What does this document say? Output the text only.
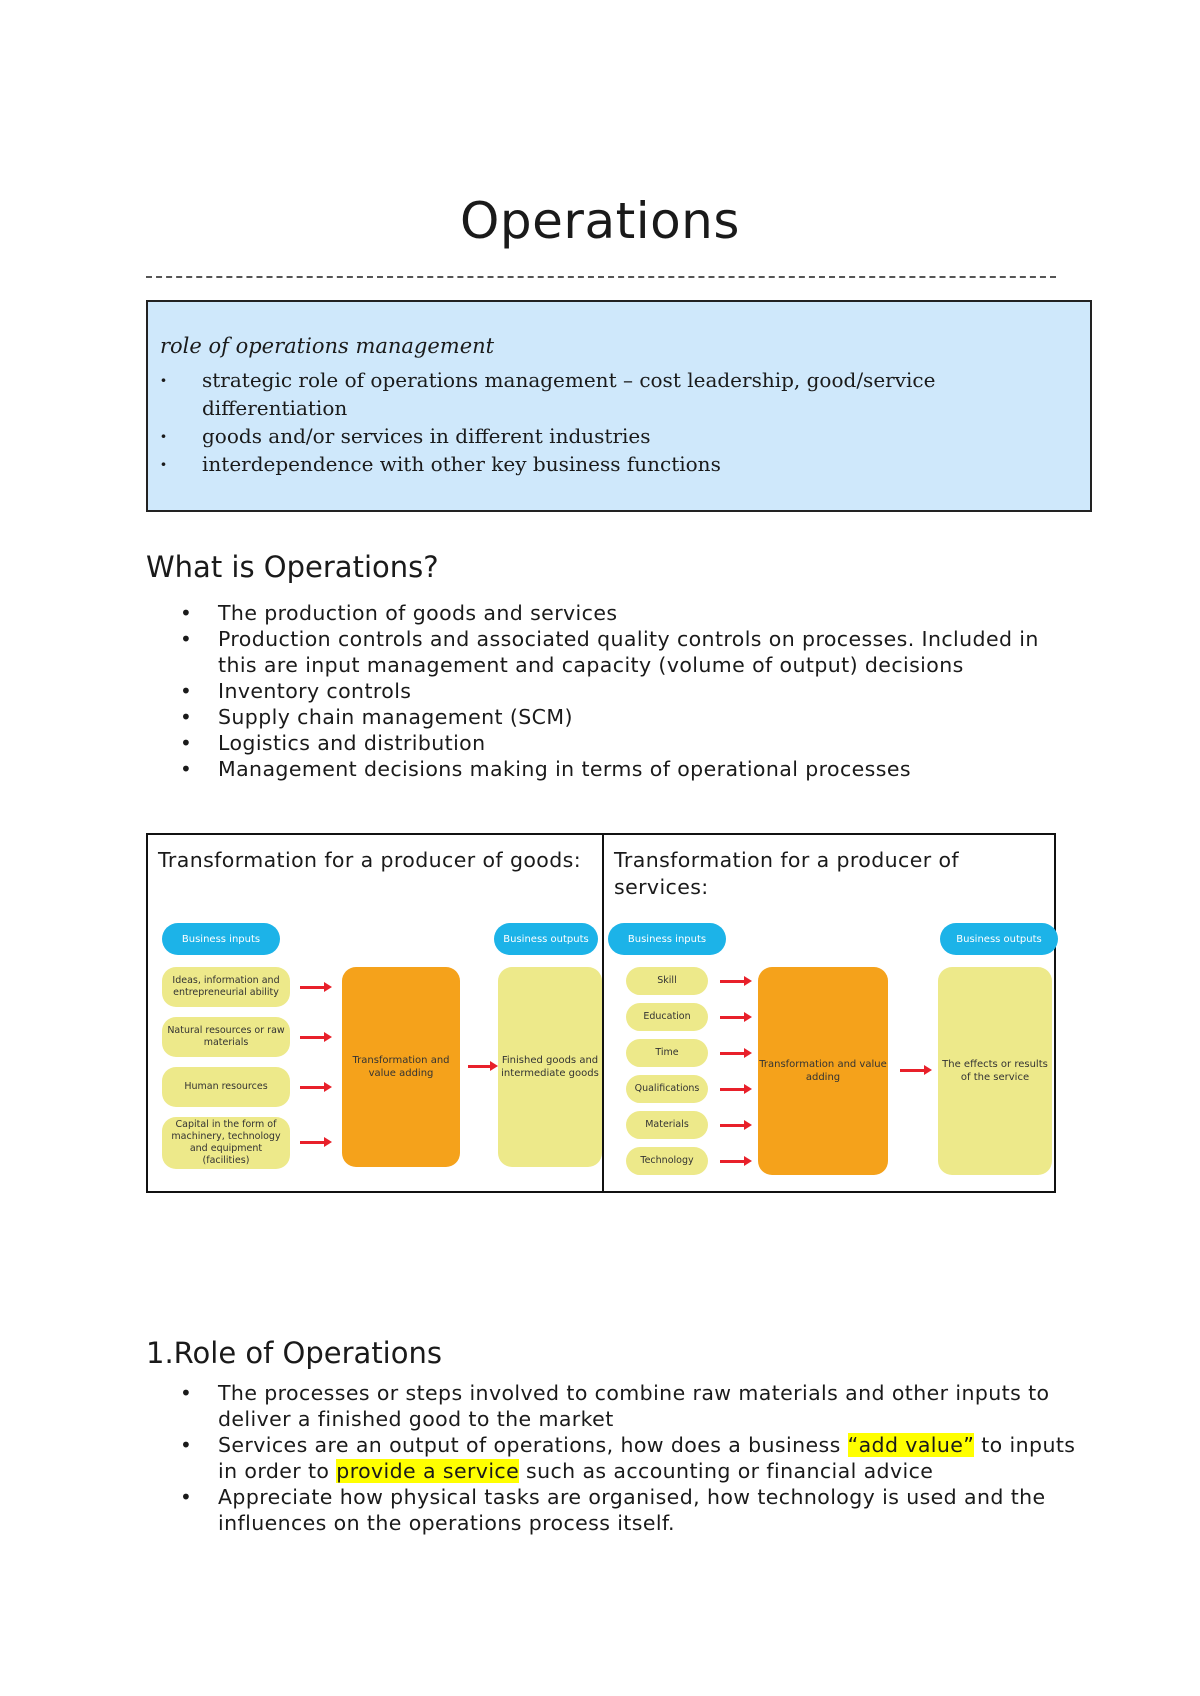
Operations
role of operations management
· strategic role of operations management – cost leadership, good/service differentiation
· goods and/or services in different industries
· interdependence with other key business functions
What is Operations?
• The production of goods and services
• Production controls and associated quality controls on processes. Included in this are input management and capacity (volume of output) decisions
• Inventory controls
• Supply chain management (SCM)
• Logistics and distribution
• Management decisions making in terms of operational processes
Transformation for a producer of goods:	Transformation for a producer of services:
Business inputs	Business outputs
Ideas, information and entrepreneurial ability
Natural resources or raw materials
Human resources
Capital in the form of machinery, technology and equipment (facilities)
Transformation and value adding
Finished goods and intermediate goods
Business inputs	Business outputs
Skill
Education
Time
Qualifications
Materials
Technology
Transformation and value adding
The effects or results of the service
1.Role of Operations
• The processes or steps involved to combine raw materials and other inputs to deliver a finished good to the market
• Services are an output of operations, how does a business “add value” to inputs in order to provide a service such as accounting or financial advice
• Appreciate how physical tasks are organised, how technology is used and the influences on the operations process itself.
